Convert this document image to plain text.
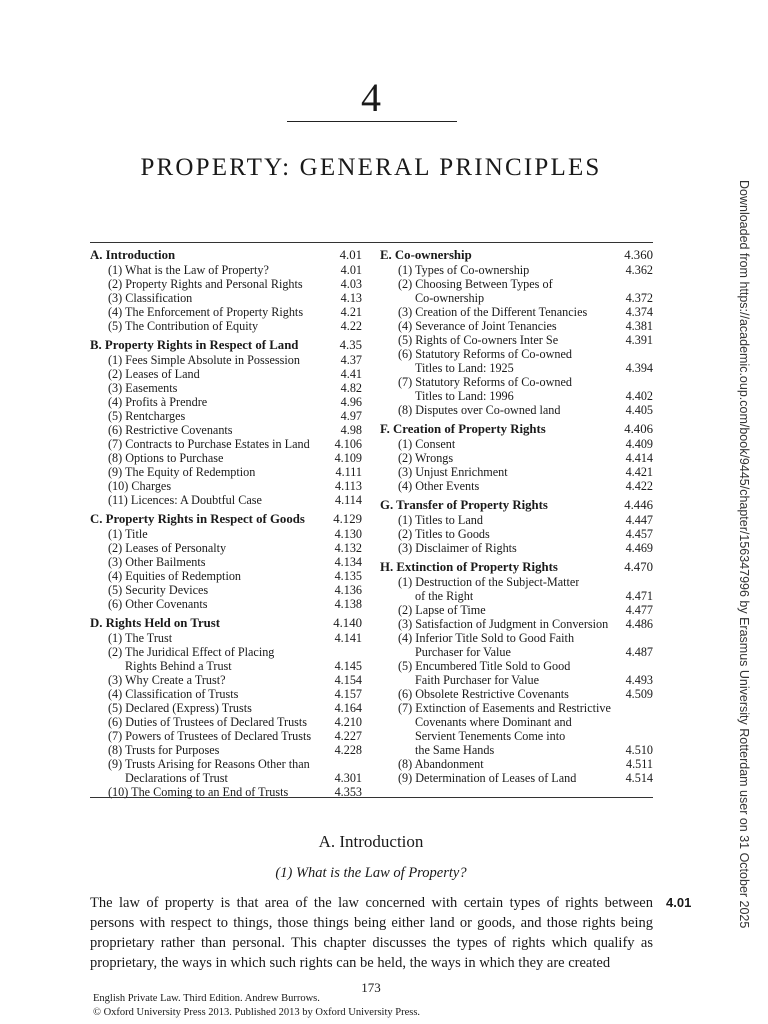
4
PROPERTY: GENERAL PRINCIPLES
A. Introduction	4.01
(1) What is the Law of Property?	4.01
(2) Property Rights and Personal Rights	4.03
(3) Classification	4.13
(4) The Enforcement of Property Rights	4.21
(5) The Contribution of Equity	4.22
B. Property Rights in Respect of Land	4.35
(1) Fees Simple Absolute in Possession	4.37
(2) Leases of Land	4.41
(3) Easements	4.82
(4) Profits à Prendre	4.96
(5) Rentcharges	4.97
(6) Restrictive Covenants	4.98
(7) Contracts to Purchase Estates in Land	4.106
(8) Options to Purchase	4.109
(9) The Equity of Redemption	4.111
(10) Charges	4.113
(11) Licences: A Doubtful Case	4.114
C. Property Rights in Respect of Goods	4.129
(1) Title	4.130
(2) Leases of Personalty	4.132
(3) Other Bailments	4.134
(4) Equities of Redemption	4.135
(5) Security Devices	4.136
(6) Other Covenants	4.138
D. Rights Held on Trust	4.140
(1) The Trust	4.141
(2) The Juridical Effect of Placing
Rights Behind a Trust	4.145
(3) Why Create a Trust?	4.154
(4) Classification of Trusts	4.157
(5) Declared (Express) Trusts	4.164
(6) Duties of Trustees of Declared Trusts	4.210
(7) Powers of Trustees of Declared Trusts	4.227
(8) Trusts for Purposes	4.228
(9) Trusts Arising for Reasons Other than
Declarations of Trust	4.301
(10) The Coming to an End of Trusts	4.353
E. Co-ownership	4.360
(1) Types of Co-ownership	4.362
(2) Choosing Between Types of
Co-ownership	4.372
(3) Creation of the Different Tenancies	4.374
(4) Severance of Joint Tenancies	4.381
(5) Rights of Co-owners Inter Se	4.391
(6) Statutory Reforms of Co-owned
Titles to Land: 1925	4.394
(7) Statutory Reforms of Co-owned
Titles to Land: 1996	4.402
(8) Disputes over Co-owned land	4.405
F. Creation of Property Rights	4.406
(1) Consent	4.409
(2) Wrongs	4.414
(3) Unjust Enrichment	4.421
(4) Other Events	4.422
G. Transfer of Property Rights	4.446
(1) Titles to Land	4.447
(2) Titles to Goods	4.457
(3) Disclaimer of Rights	4.469
H. Extinction of Property Rights	4.470
(1) Destruction of the Subject-Matter
of the Right	4.471
(2) Lapse of Time	4.477
(3) Satisfaction of Judgment in Conversion	4.486
(4) Inferior Title Sold to Good Faith
Purchaser for Value	4.487
(5) Encumbered Title Sold to Good
Faith Purchaser for Value	4.493
(6) Obsolete Restrictive Covenants	4.509
(7) Extinction of Easements and Restrictive
Covenants where Dominant and
Servient Tenements Come into
the Same Hands	4.510
(8) Abandonment	4.511
(9) Determination of Leases of Land	4.514
A. Introduction
(1) What is the Law of Property?
The law of property is that area of the law concerned with certain types of rights between persons with respect to things, those things being either land or goods, and those rights being proprietary rather than personal. This chapter discusses the types of rights which qualify as proprietary, the ways in which such rights can be held, the ways in which they are created
4.01
173
English Private Law. Third Edition. Andrew Burrows.
© Oxford University Press 2013. Published 2013 by Oxford University Press.
Downloaded from https://academic.oup.com/book/9445/chapter/156347996 by Erasmus University Rotterdam user on 31 October 2025
